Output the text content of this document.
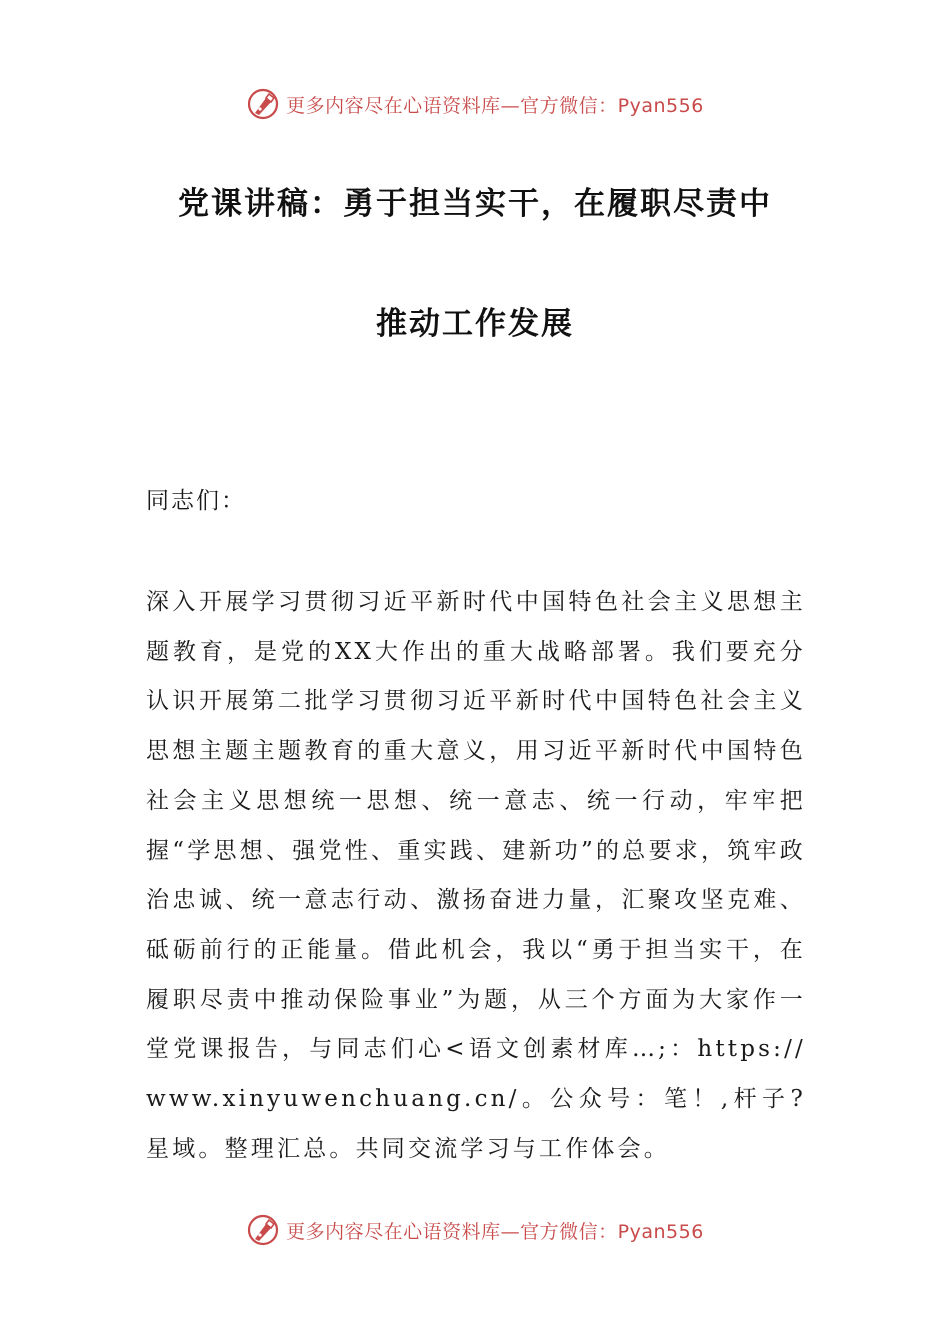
更多内容尽在心语资料库—官方微信：Pyan556
党课讲稿：勇于担当实干，在履职尽责中
推动工作发展

同志们：

深入开展学习贯彻习近平新时代中国特色社会主义思想主题教育，是党的XX大作出的重大战略部署。我们要充分认识开展第二批学习贯彻习近平新时代中国特色社会主义思想主题主题教育的重大意义，用习近平新时代中国特色社会主义思想统一思想、统一意志、统一行动，牢牢把握“学思想、强党性、重实践、建新功”的总要求，筑牢政治忠诚、统一意志行动、激扬奋进力量，汇聚攻坚克难、砥砺前行的正能量。借此机会，我以“勇于担当实干，在履职尽责中推动保险事业”为题，从三个方面为大家作一堂党课报告，与同志们心<语文创素材库…;：https://www.xinyuwenchuang.cn/。公众号：笔！,杆子?星域。整理汇总。共同交流学习与工作体会。

更多内容尽在心语资料库—官方微信：Pyan556
